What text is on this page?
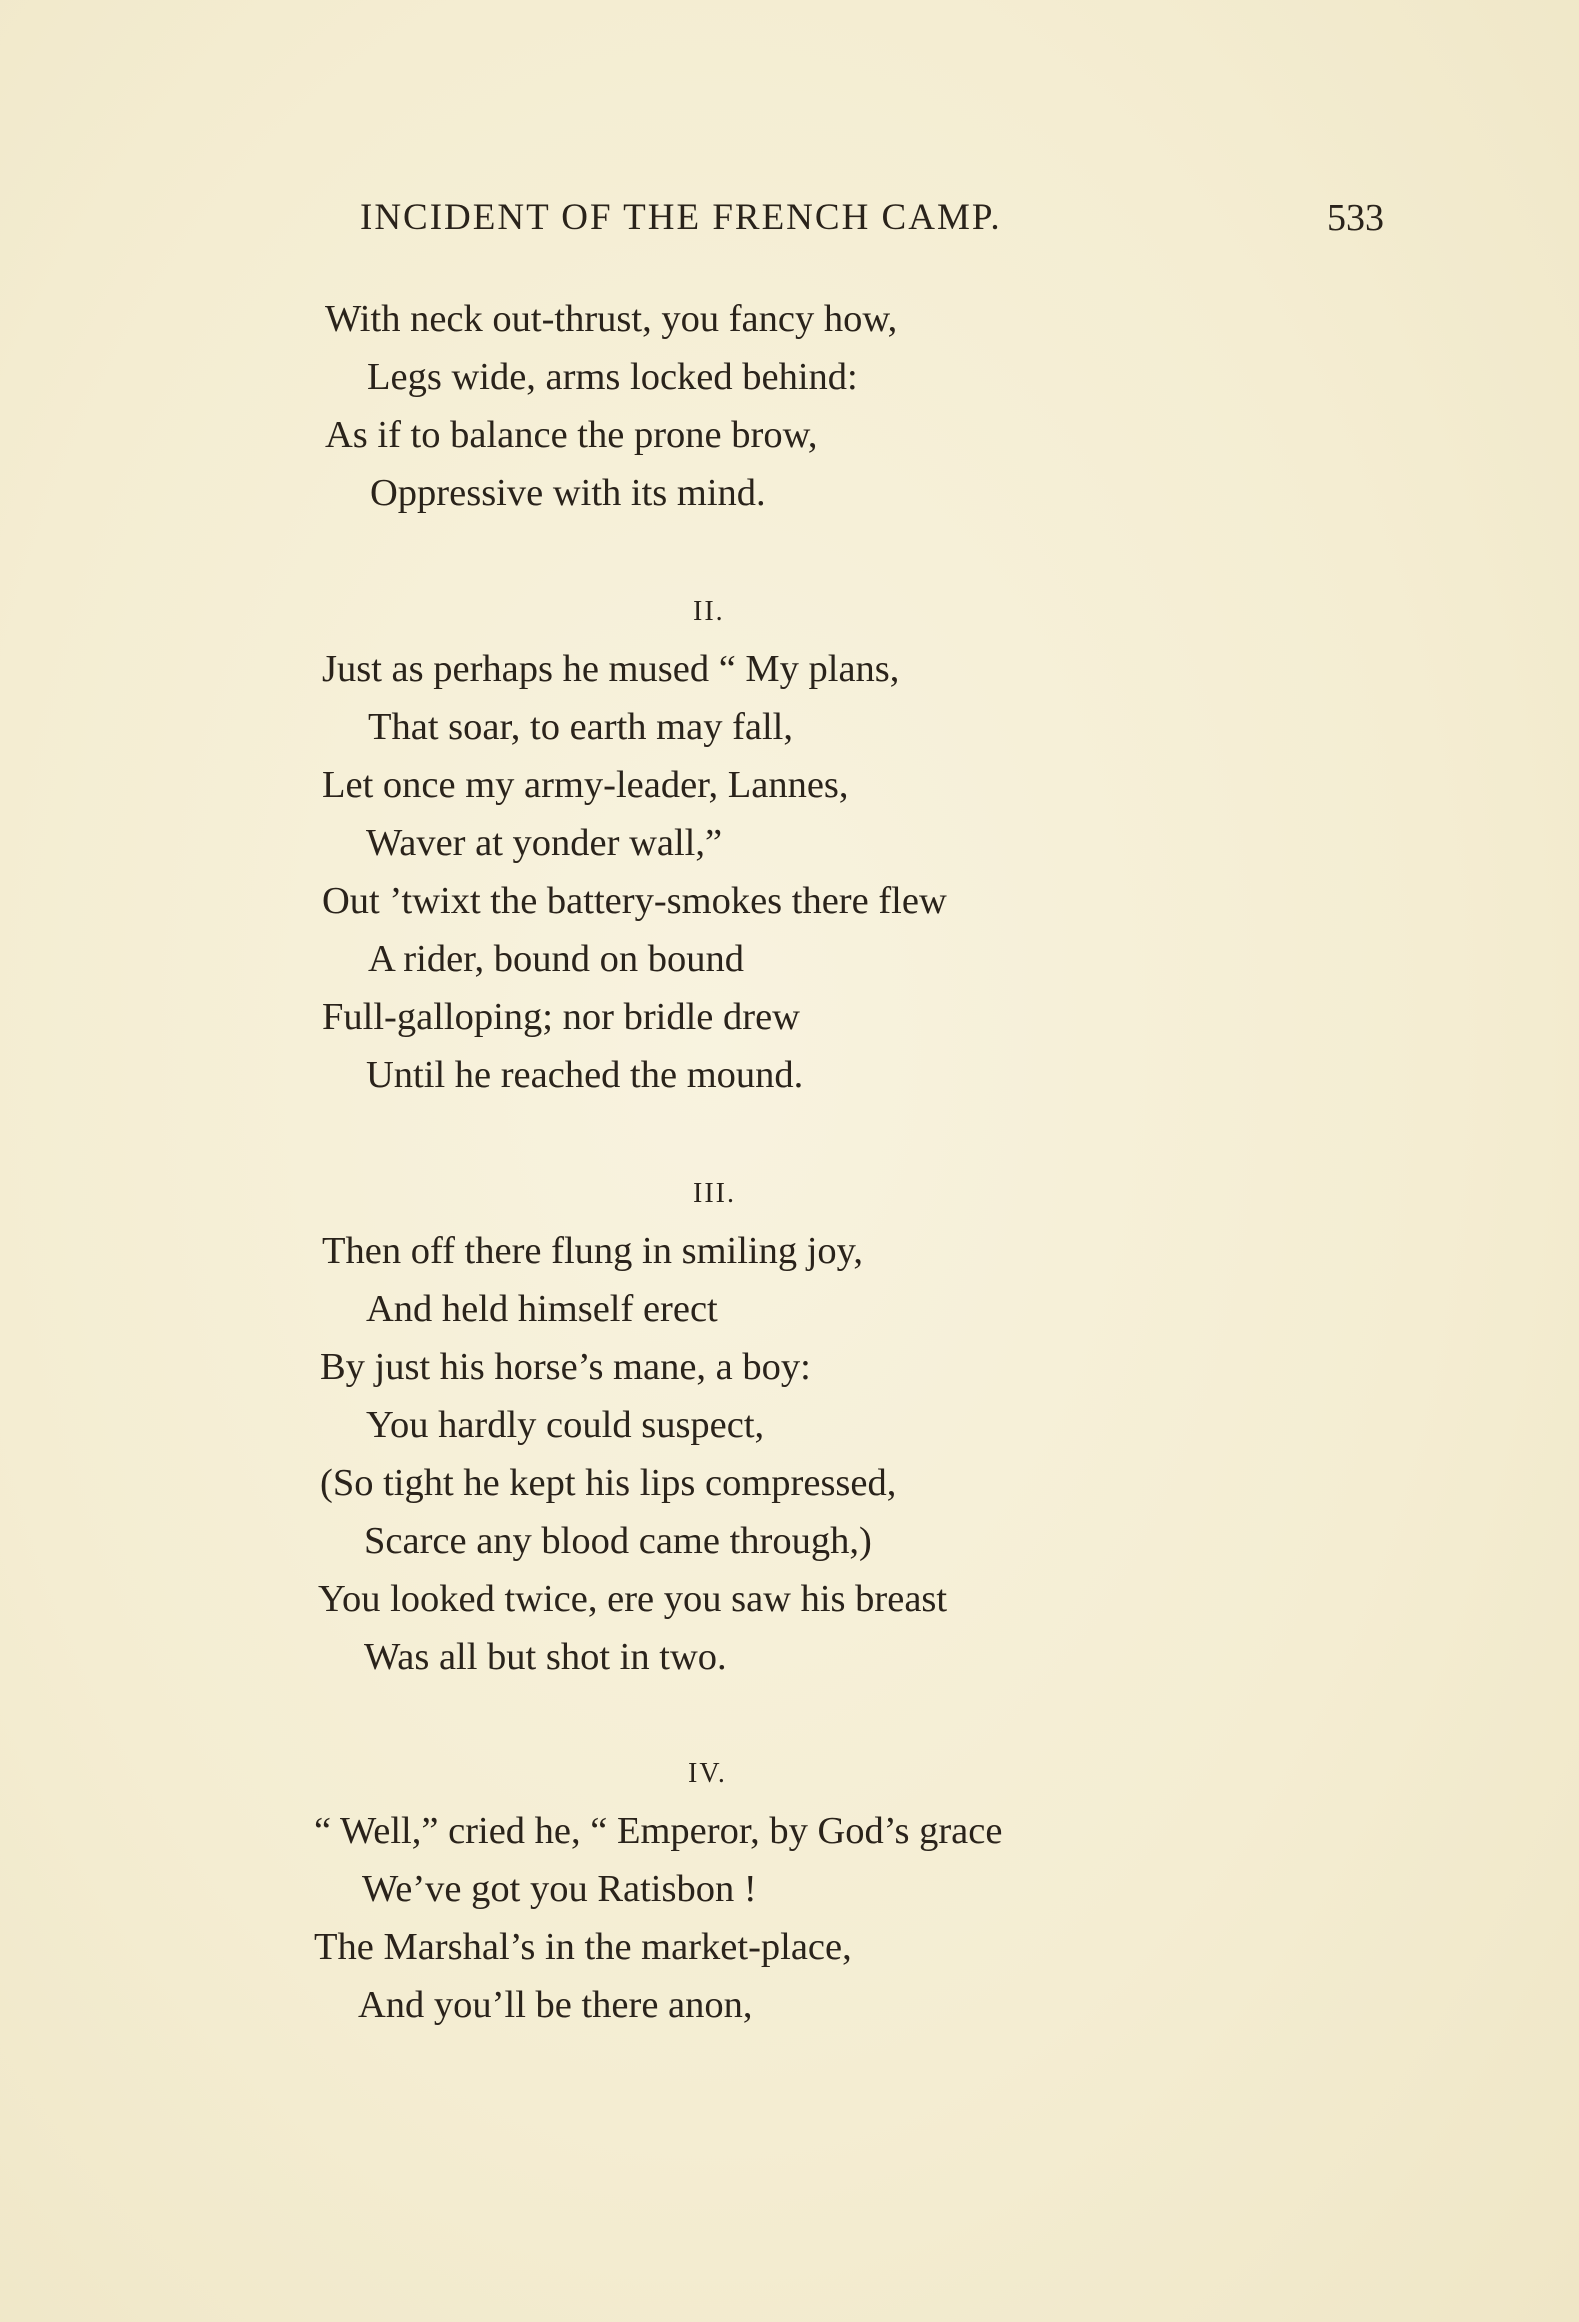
INCIDENT OF THE FRENCH CAMP.	533
With neck out-thrust, you fancy how,
Legs wide, arms locked behind:
As if to balance the prone brow,
Oppressive with its mind.
II.
Just as perhaps he mused “ My plans,
That soar, to earth may fall,
Let once my army-leader, Lannes,
Waver at yonder wall,”
Out ’twixt the battery-smokes there flew
A rider, bound on bound
Full-galloping; nor bridle drew
Until he reached the mound.
III.
Then off there flung in smiling joy,
And held himself erect
By just his horse’s mane, a boy:
You hardly could suspect,
(So tight he kept his lips compressed,
Scarce any blood came through,)
You looked twice, ere you saw his breast
Was all but shot in two.
IV.
“ Well,” cried he, “ Emperor, by God’s grace
We’ve got you Ratisbon !
The Marshal’s in the market-place,
And you’ll be there anon,
